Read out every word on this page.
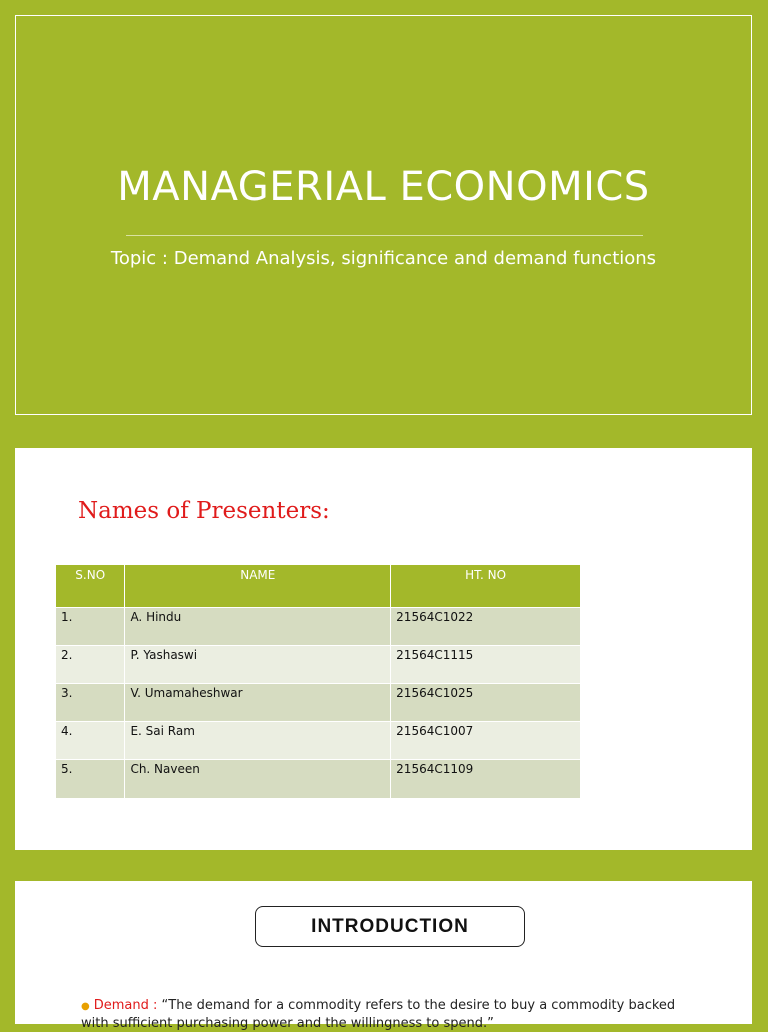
MANAGERIAL ECONOMICS
Topic : Demand Analysis, significance and demand functions
Names of Presenters:
S.NO	NAME	HT. NO
1.	A. Hindu	21564C1022
2.	P. Yashaswi	21564C1115
3.	V. Umamaheshwar	21564C1025
4.	E. Sai Ram	21564C1007
5.	Ch. Naveen	21564C1109
INTRODUCTION
● Demand : “The demand for a commodity refers to the desire to buy a commodity backed with sufficient purchasing power and the willingness to spend.”
